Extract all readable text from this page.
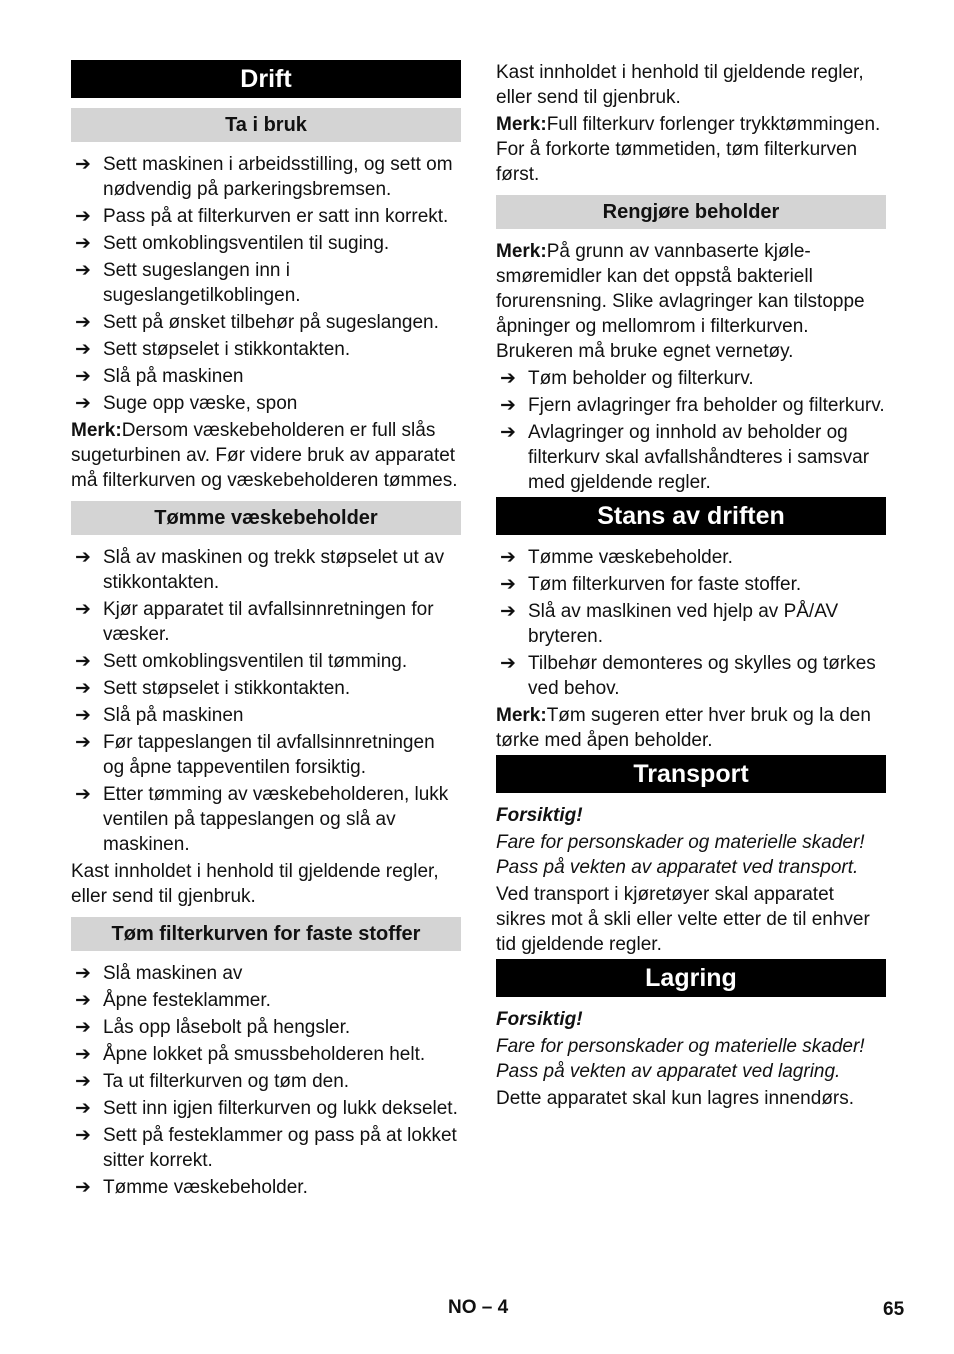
Drift
Ta i bruk
➔ Sett maskinen i arbeidsstilling, og sett om nødvendig på parkeringsbremsen.
➔ Pass på at filterkurven er satt inn korrekt.
➔ Sett omkoblingsventilen til suging.
➔ Sett sugeslangen inn i sugeslangetilkoblingen.
➔ Sett på ønsket tilbehør på sugeslangen.
➔ Sett støpselet i stikkontakten.
➔ Slå på maskinen
➔ Suge opp væske, spon
Merk:Dersom væskebeholderen er full slås sugeturbinen av. Før videre bruk av apparatet må filterkurven og væskebeholderen tømmes.
Tømme væskebeholder
➔ Slå av maskinen og trekk støpselet ut av stikkontakten.
➔ Kjør apparatet til avfallsinnretningen for væsker.
➔ Sett omkoblingsventilen til tømming.
➔ Sett støpselet i stikkontakten.
➔ Slå på maskinen
➔ Før tappeslangen til avfallsinnretningen og åpne tappeventilen forsiktig.
➔ Etter tømming av væskebeholderen, lukk ventilen på tappeslangen og slå av maskinen.
Kast innholdet i henhold til gjeldende regler, eller send til gjenbruk.
Tøm filterkurven for faste stoffer
➔ Slå maskinen av
➔ Åpne festeklammer.
➔ Lås opp låsebolt på hengsler.
➔ Åpne lokket på smussbeholderen helt.
➔ Ta ut filterkurven og tøm den.
➔ Sett inn igjen filterkurven og lukk dekselet.
➔ Sett på festeklammer og pass på at lokket sitter korrekt.
➔ Tømme væskebeholder.
Kast innholdet i henhold til gjeldende regler, eller send til gjenbruk.
Merk:Full filterkurv forlenger trykktømmingen. For å forkorte tømmetiden, tøm filterkurven først.
Rengjøre beholder
Merk:På grunn av vannbaserte kjøle-smøremidler kan det oppstå bakteriell forurensning. Slike avlagringer kan tilstoppe åpninger og mellomrom i filterkurven. Brukeren må bruke egnet vernetøy.
➔ Tøm beholder og filterkurv.
➔ Fjern avlagringer fra beholder og filterkurv.
➔ Avlagringer og innhold av beholder og filterkurv skal avfallshåndteres i samsvar med gjeldende regler.
Stans av driften
➔ Tømme væskebeholder.
➔ Tøm filterkurven for faste stoffer.
➔ Slå av maslkinen ved hjelp av PÅ/AV bryteren.
➔ Tilbehør demonteres og skylles og tørkes ved behov.
Merk:Tøm sugeren etter hver bruk og la den tørke med åpen beholder.
Transport
Forsiktig!
Fare for personskader og materielle skader! Pass på vekten av apparatet ved transport.
Ved transport i kjøretøyer skal apparatet sikres mot å skli eller velte etter de til enhver tid gjeldende regler.
Lagring
Forsiktig!
Fare for personskader og materielle skader! Pass på vekten av apparatet ved lagring.
Dette apparatet skal kun lagres innendørs.
NO – 4	65
